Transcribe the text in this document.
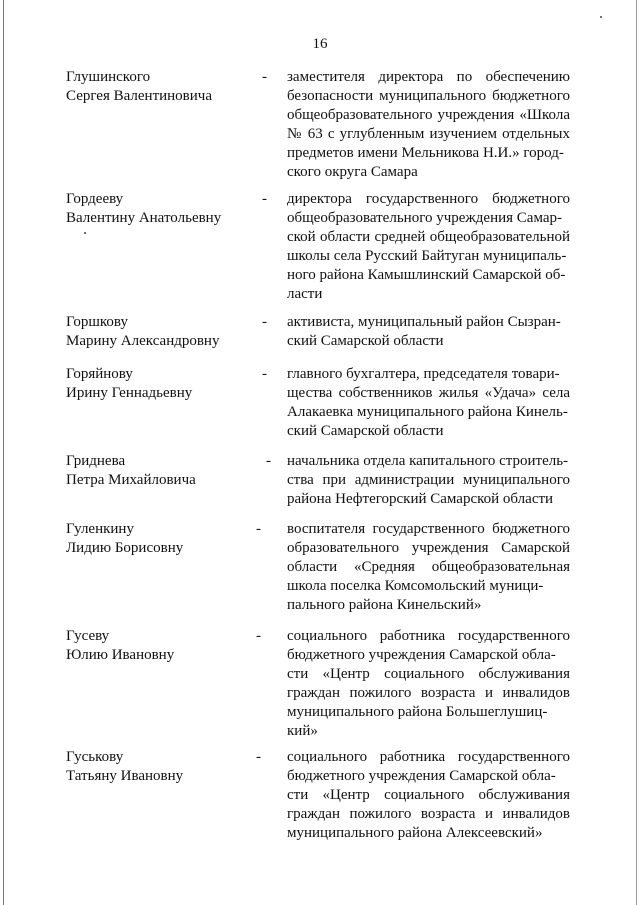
16
Глушинского
Сергея Валентиновича
- заместителя директора по обеспечению безопасности муниципального бюджетного общеобразовательного учреждения «Школа № 63 с углубленным изучением отдельных предметов имени Мельникова Н.И.» город-
ского округа Самара
Гордееву
Валентину Анатольевну
- директора государственного бюджетного общеобразовательного учреждения Самар-
ской области средней общеобразовательной школы села Русский Байтуган муниципаль-
ного района Камышлинский Самарской об-
ласти
Горшкову
Марину Александровну
- активиста, муниципальный район Сызран-
ский Самарской области
Горяйнову
Ирину Геннадьевну
- главного бухгалтера, председателя товари-
щества собственников жилья «Удача» села Алакаевка муниципального района Кинель-
ский Самарской области
Гриднева
Петра Михайловича
- начальника отдела капитального строитель-
ства при администрации муниципального района Нефтегорский Самарской области
Гуленкину
Лидию Борисовну
- воспитателя государственного бюджетного образовательного учреждения Самарской области «Средняя общеобразовательная школа поселка Комсомольский муници-
пального района Кинельский»
Гусеву
Юлию Ивановну
- социального работника государственного бюджетного учреждения Самарской обла-
сти «Центр социального обслуживания граждан пожилого возраста и инвалидов муниципального района Большеглушиц-
кий»
Гуськову
Татьяну Ивановну
- социального работника государственного бюджетного учреждения Самарской обла-
сти «Центр социального обслуживания граждан пожилого возраста и инвалидов муниципального района Алексеевский»
